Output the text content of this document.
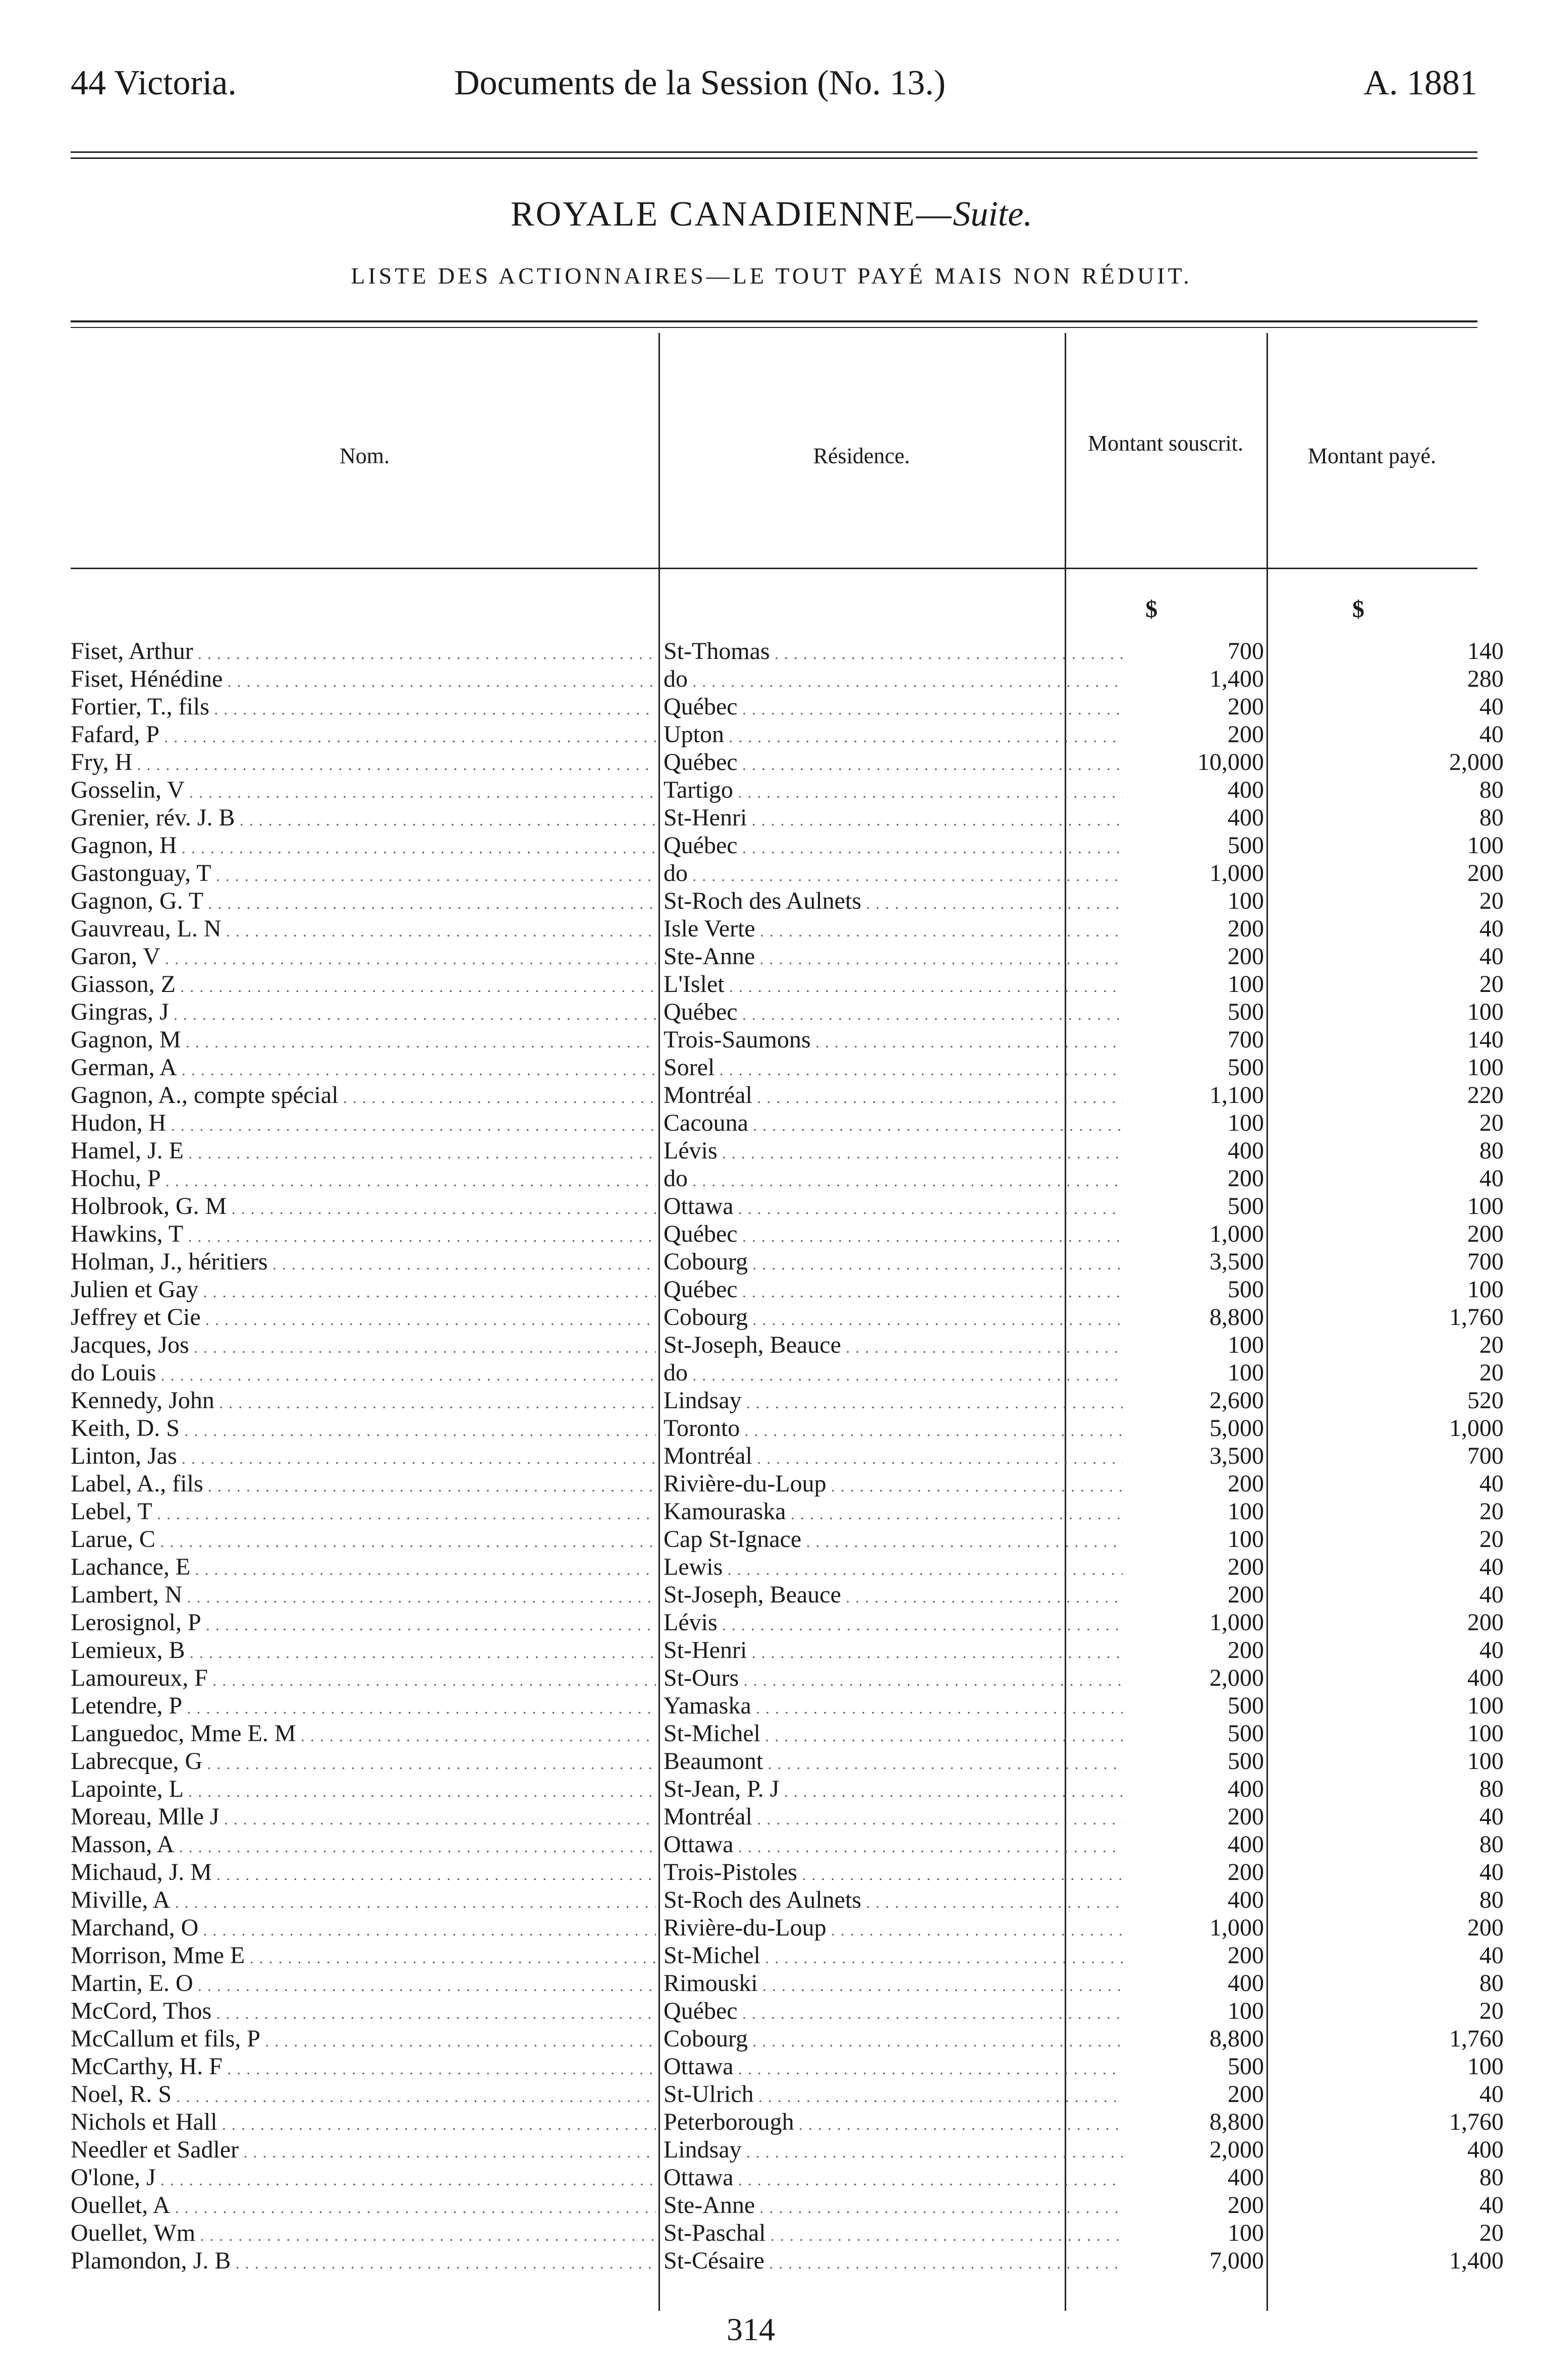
44 Victoria.	Documents de la Session (No. 13.)	A. 1881
ROYALE CANADIENNE—Suite.
LISTE DES ACTIONNAIRES—LE TOUT PAYÉ MAIS NON RÉDUIT.
Nom.	Résidence.
Montant souscrit.
Montant payé.
$	$
Fiset, Arthur . . .	St-Thomas . . .	700	140
Fiset, Hénédine . . .	do . . .	1,400	280
Fortier, T., fils . . .	Québec . . .	200	40
Fafard, P . . .	Upton . . .	200	40
Fry, H . . .	Québec . . .	10,000	2,000
Gosselin, V . . .	Tartigo . . .	400	80
Grenier, rév. J. B . . .	St-Henri . . .	400	80
Gagnon, H . . .	Québec . . .	500	100
Gastonguay, T . . .	do . . .	1,000	200
Gagnon, G. T . . .	St-Roch des Aulnets . . .	100	20
Gauvreau, L. N . . .	Isle Verte . . .	200	40
Garon, V . . .	Ste-Anne . . .	200	40
Giasson, Z . . .	L'Islet . . .	100	20
Gingras, J . . .	Québec . . .	500	100
Gagnon, M . . .	Trois-Saumons . . .	700	140
German, A . . .	Sorel . . .	500	100
Gagnon, A., compte spécial . . .	Montréal . . .	1,100	220
Hudon, H . . .	Cacouna . . .	100	20
Hamel, J. E . . .	Lévis . . .	400	80
Hochu, P . . .	do . . .	200	40
Holbrook, G. M . . .	Ottawa . . .	500	100
Hawkins, T . . .	Québec . . .	1,000	200
Holman, J., héritiers . . .	Cobourg . . .	3,500	700
Julien et Gay . . .	Québec . . .	500	100
Jeffrey et Cie . . .	Cobourg . . .	8,800	1,760
Jacques, Jos . . .	St-Joseph, Beauce . . .	100	20
do Louis . . .	do . . .	100	20
Kennedy, John . . .	Lindsay . . .	2,600	520
Keith, D. S . . .	Toronto . . .	5,000	1,000
Linton, Jas . . .	Montréal . . .	3,500	700
Label, A., fils . . .	Rivière-du-Loup . . .	200	40
Lebel, T . . .	Kamouraska . . .	100	20
Larue, C . . .	Cap St-Ignace . . .	100	20
Lachance, E . . .	Lewis . . .	200	40
Lambert, N . . .	St-Joseph, Beauce . . .	200	40
Lerosignol, P . . .	Lévis . . .	1,000	200
Lemieux, B . . .	St-Henri . . .	200	40
Lamoureux, F . . .	St-Ours . . .	2,000	400
Letendre, P . . .	Yamaska . . .	500	100
Languedoc, Mme E. M . . .	St-Michel . . .	500	100
Labrecque, G . . .	Beaumont . . .	500	100
Lapointe, L . . .	St-Jean, P. J . . .	400	80
Moreau, Mlle J . . .	Montréal . . .	200	40
Masson, A . . .	Ottawa . . .	400	80
Michaud, J. M . . .	Trois-Pistoles . . .	200	40
Miville, A . . .	St-Roch des Aulnets . . .	400	80
Marchand, O . . .	Rivière-du-Loup . . .	1,000	200
Morrison, Mme E . . .	St-Michel . . .	200	40
Martin, E. O . . .	Rimouski . . .	400	80
McCord, Thos . . .	Québec . . .	100	20
McCallum et fils, P . . .	Cobourg . . .	8,800	1,760
McCarthy, H. F . . .	Ottawa . . .	500	100
Noel, R. S . . .	St-Ulrich . . .	200	40
Nichols et Hall . . .	Peterborough . . .	8,800	1,760
Needler et Sadler . . .	Lindsay . . .	2,000	400
O'lone, J . . .	Ottawa . . .	400	80
Ouellet, A . . .	Ste-Anne . . .	200	40
Ouellet, Wm . . .	St-Paschal . . .	100	20
Plamondon, J. B . . .	St-Césaire . . .	7,000	1,400
314
